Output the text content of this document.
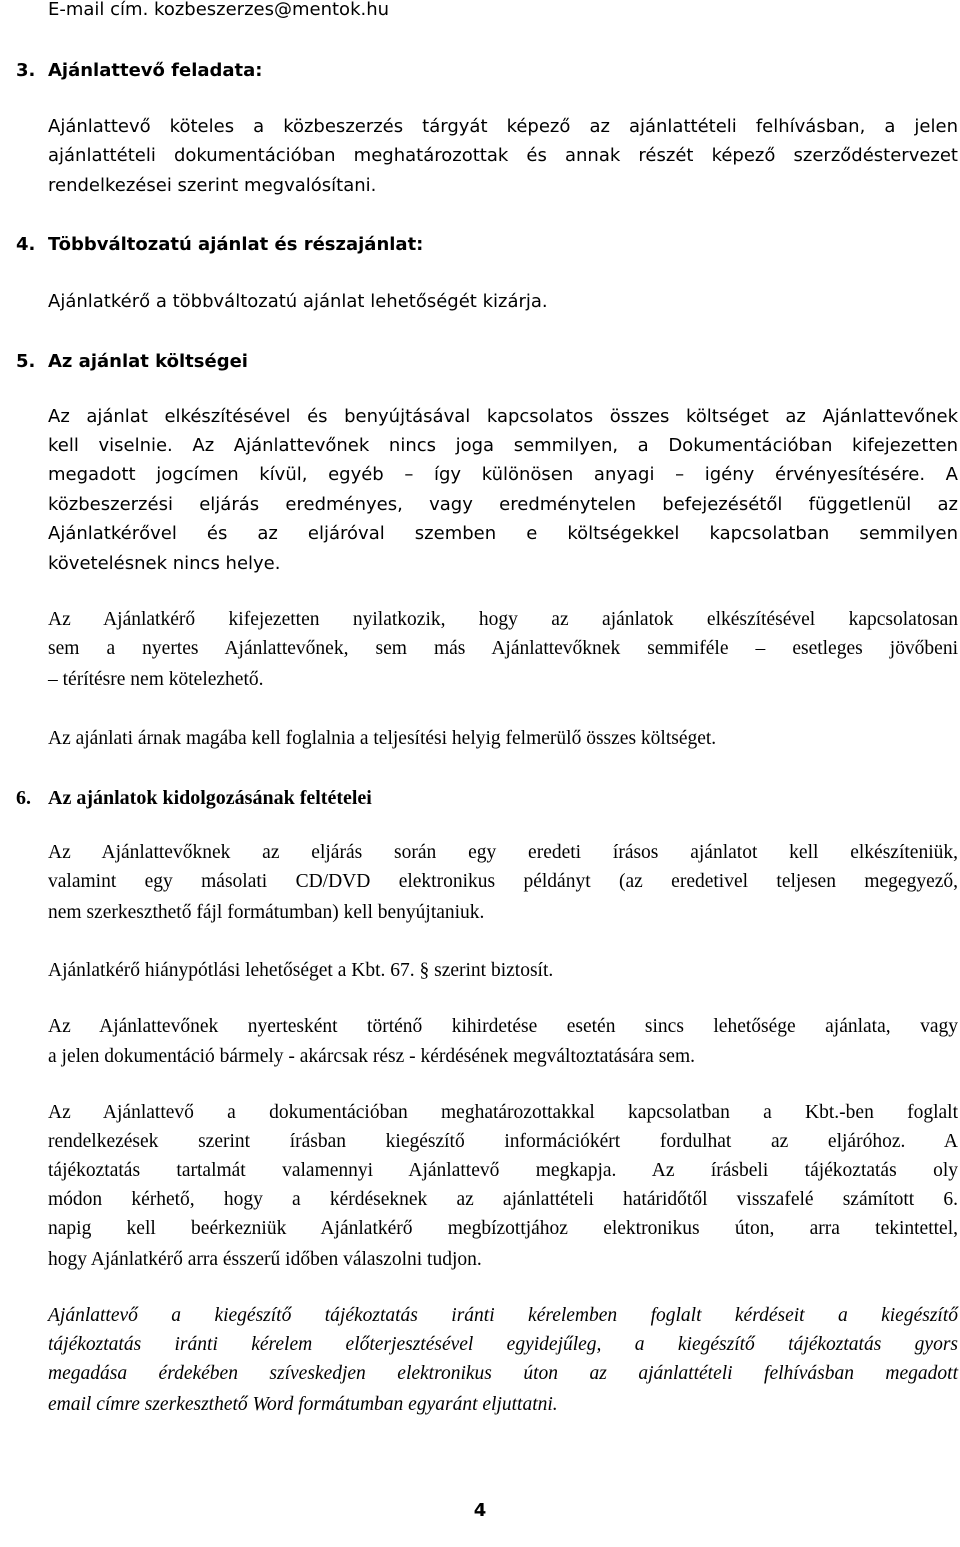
E-mail cím. kozbeszerzes@mentok.hu
3. Ajánlattevő feladata:
Ajánlattevő köteles a közbeszerzés tárgyát képező az ajánlattételi felhívásban, a jelen
ajánlattételi dokumentációban meghatározottak és annak részét képező szerződéstervezet
rendelkezései szerint megvalósítani.
4. Többváltozatú ajánlat és részajánlat:
Ajánlatkérő a többváltozatú ajánlat lehetőségét kizárja.
5. Az ajánlat költségei
Az ajánlat elkészítésével és benyújtásával kapcsolatos összes költséget az Ajánlattevőnek
kell viselnie. Az Ajánlattevőnek nincs joga semmilyen, a Dokumentációban kifejezetten
megadott jogcímen kívül, egyéb – így különösen anyagi – igény érvényesítésére. A
közbeszerzési eljárás eredményes, vagy eredménytelen befejezésétől függetlenül az
Ajánlatkérővel és az eljáróval szemben e költségekkel kapcsolatban semmilyen
követelésnek nincs helye.
Az Ajánlatkérő kifejezetten nyilatkozik, hogy az ajánlatok elkészítésével kapcsolatosan
sem a nyertes Ajánlattevőnek, sem más Ajánlattevőknek semmiféle – esetleges jövőbeni
– térítésre nem kötelezhető.
Az ajánlati árnak magába kell foglalnia a teljesítési helyig felmerülő összes költséget.
6. Az ajánlatok kidolgozásának feltételei
Az Ajánlattevőknek az eljárás során egy eredeti írásos ajánlatot kell elkészíteniük,
valamint egy másolati CD/DVD elektronikus példányt (az eredetivel teljesen megegyező,
nem szerkeszthető fájl formátumban) kell benyújtaniuk.
Ajánlatkérő hiánypótlási lehetőséget a Kbt. 67. § szerint biztosít.
Az Ajánlattevőnek nyertesként történő kihirdetése esetén sincs lehetősége ajánlata, vagy
a jelen dokumentáció bármely - akárcsak rész - kérdésének megváltoztatására sem.
Az Ajánlattevő a dokumentációban meghatározottakkal kapcsolatban a Kbt.-ben foglalt
rendelkezések szerint írásban kiegészítő információkért fordulhat az eljáróhoz. A
tájékoztatás tartalmát valamennyi Ajánlattevő megkapja. Az írásbeli tájékoztatás oly
módon kérhető, hogy a kérdéseknek az ajánlattételi határidőtől visszafelé számított 6.
napig kell beérkezniük Ajánlatkérő megbízottjához elektronikus úton, arra tekintettel,
hogy Ajánlatkérő arra ésszerű időben válaszolni tudjon.
Ajánlattevő a kiegészítő tájékoztatás iránti kérelemben foglalt kérdéseit a kiegészítő
tájékoztatás iránti kérelem előterjesztésével egyidejűleg, a kiegészítő tájékoztatás gyors
megadása érdekében szíveskedjen elektronikus úton az ajánlattételi felhívásban megadott
email címre szerkeszthető Word formátumban egyaránt eljuttatni.
4
